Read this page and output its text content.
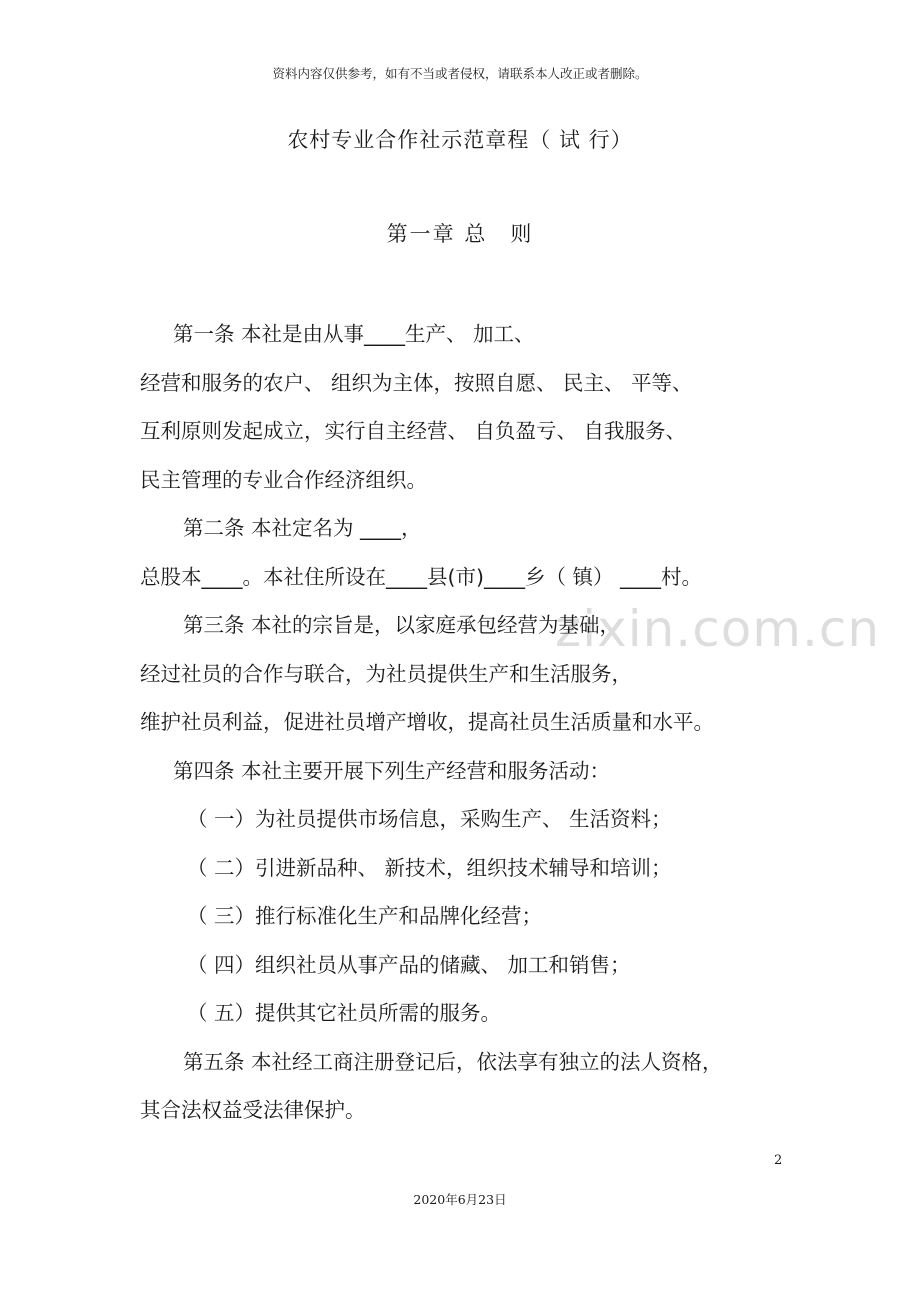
资料内容仅供参考，如有不当或者侵权，请联系本人改正或者删除。
农村专业合作社示范章程（ 试 行）
第一章 总　则
第一条 本社是由从事____生产、 加工、
经营和服务的农户、 组织为主体，按照自愿、 民主、 平等、
互利原则发起成立，实行自主经营、 自负盈亏、 自我服务、
民主管理的专业合作经济组织。
第二条 本社定名为 ____，
总股本____。本社住所设在____县(市)____乡（ 镇） ____村。
第三条 本社的宗旨是，以家庭承包经营为基础，
经过社员的合作与联合，为社员提供生产和生活服务，
维护社员利益，促进社员增产增收，提高社员生活质量和水平。
第四条 本社主要开展下列生产经营和服务活动：
（ 一）为社员提供市场信息，采购生产、 生活资料；
（ 二）引进新品种、 新技术，组织技术辅导和培训；
（ 三）推行标准化生产和品牌化经营；
（ 四）组织社员从事产品的储藏、 加工和销售；
（ 五）提供其它社员所需的服务。
第五条 本社经工商注册登记后，依法享有独立的法人资格，
其合法权益受法律保护。
zixin.com.cn
2
2020年6月23日
